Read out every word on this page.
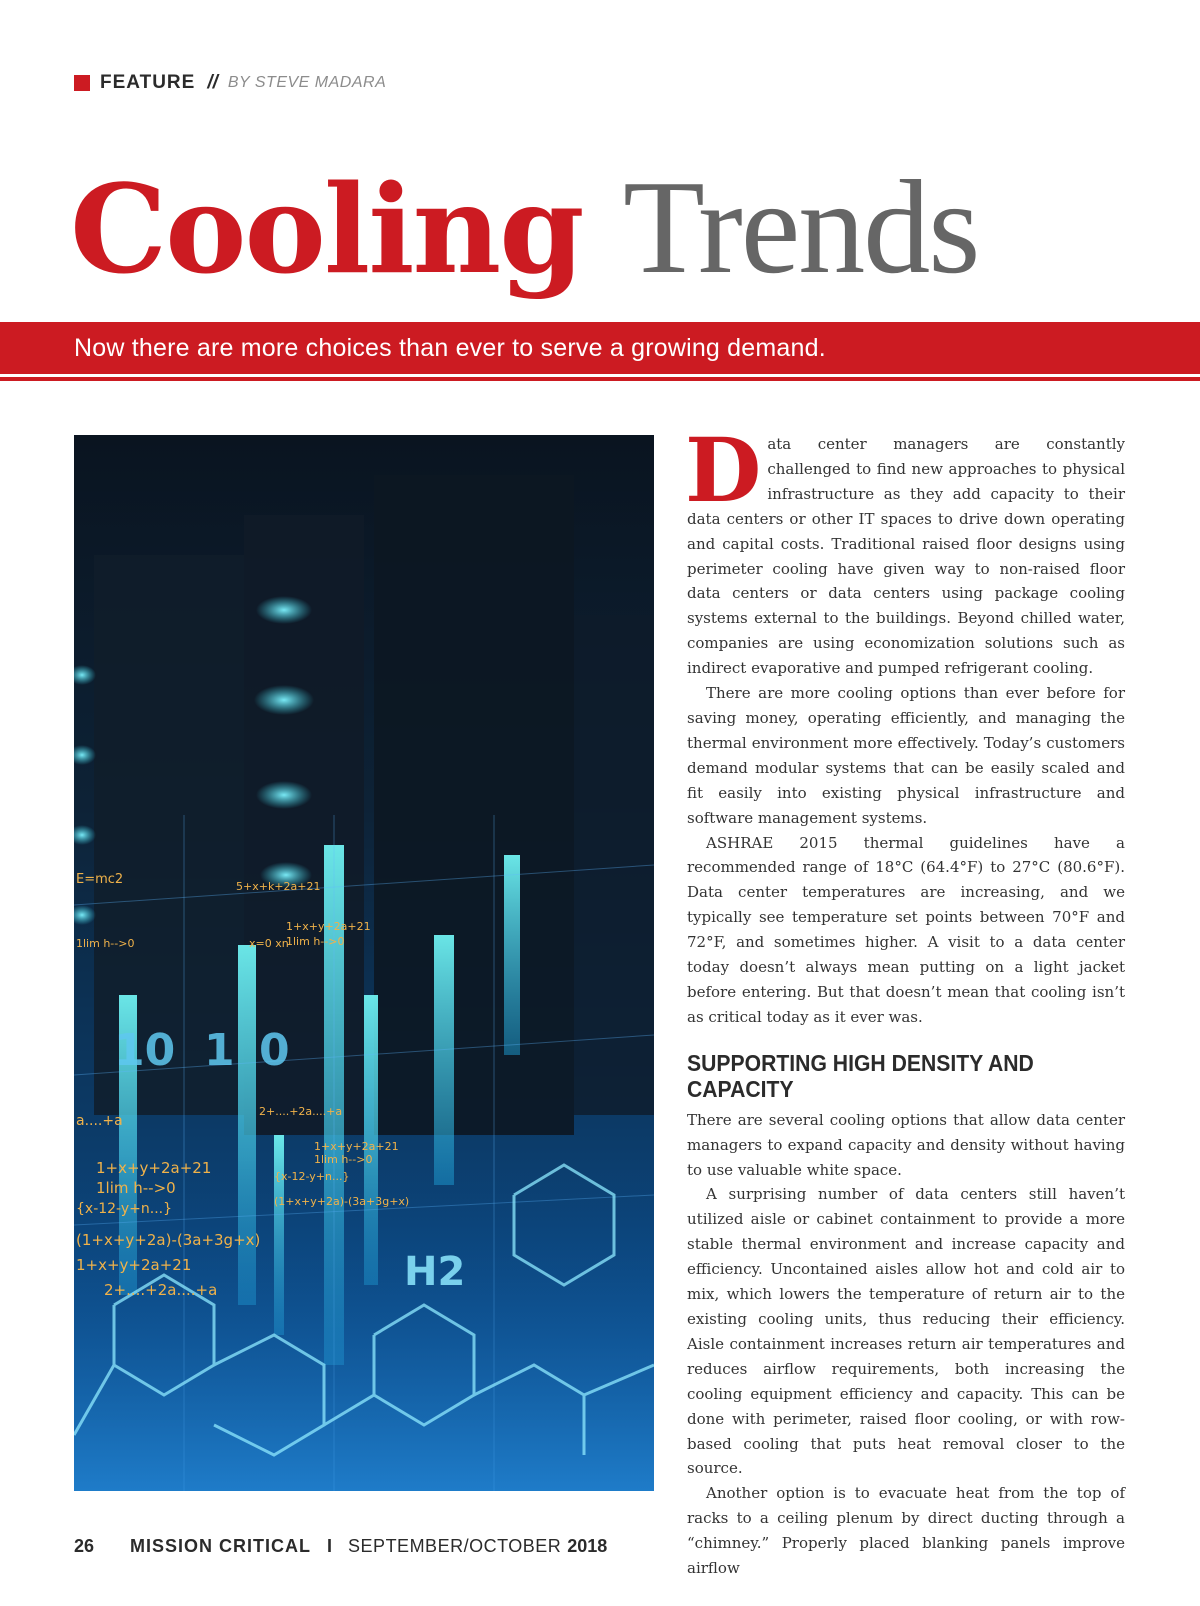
FEATURE // BY STEVE MADARA
Cooling Trends
Now there are more choices than ever to serve a growing demand.
E=mc2	5+x+k+2a+21
1+x+y+2a+21
1lim h-->0
x=0 xn
1lim h-->0
1+x+y+2a+21
1lim h-->0
{x-12-y+n...}
(1+x+y+2a)-(3a+3g+x)
1+x+y+2a+21
2+....+2a....+a
a....+a
2+....+2a....+a
1+x+y+2a+21
1lim h-->0
{x-12-y+n...}
(1+x+y+2a)-(3a+3g+x)
10 1 0
H2

Data center managers are constantly challenged to find new approaches to physical infrastructure as they add capacity to their data centers or other IT spaces to drive down operating and capital costs. Traditional raised floor designs using perimeter cooling have given way to non-raised floor data centers or data centers using package cooling systems external to the buildings. Beyond chilled water, companies are using economization solutions such as indirect evaporative and pumped refrigerant cooling.

There are more cooling options than ever before for saving money, operating efficiently, and managing the thermal environment more effectively. Today’s customers demand modular systems that can be easily scaled and fit easily into existing physical infrastructure and software management systems.

ASHRAE 2015 thermal guidelines have a recommended range of 18°C (64.4°F) to 27°C (80.6°F). Data center temperatures are increasing, and we typically see temperature set points between 70°F and 72°F, and sometimes higher. A visit to a data center today doesn’t always mean putting on a light jacket before entering. But that doesn’t mean that cooling isn’t as critical today as it ever was.

SUPPORTING HIGH DENSITY AND CAPACITY

There are several cooling options that allow data center managers to expand capacity and density without having to use valuable white space.

A surprising number of data centers still haven’t utilized aisle or cabinet containment to provide a more stable thermal environment and increase capacity and efficiency. Uncontained aisles allow hot and cold air to mix, which lowers the temperature of return air to the existing cooling units, thus reducing their efficiency. Aisle containment increases return air temperatures and reduces airflow requirements, both increasing the cooling equipment efficiency and capacity. This can be done with perimeter, raised floor cooling, or with row-based cooling that puts heat removal closer to the source.

Another option is to evacuate heat from the top of racks to a ceiling plenum by direct ducting through a “chimney.” Properly placed blanking panels improve airflow

26 MISSION CRITICAL I SEPTEMBER/OCTOBER 2018
